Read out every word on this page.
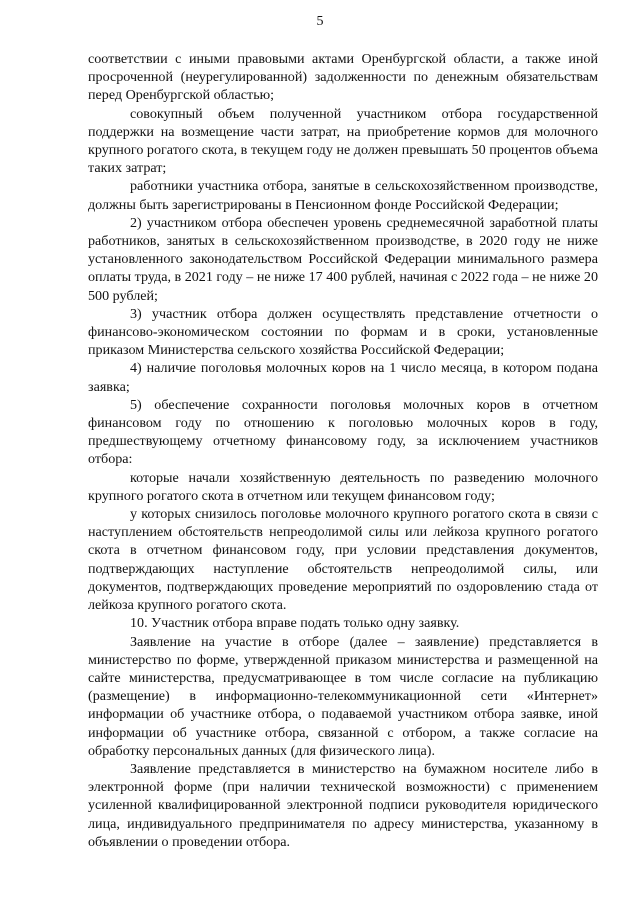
5

соответствии с иными правовыми актами Оренбургской области, а также иной просроченной (неурегулированной) задолженности по денежным обязательствам перед Оренбургской областью;

совокупный объем полученной участником отбора государственной поддержки на возмещение части затрат, на приобретение кормов для молочного крупного рогатого скота, в текущем году не должен превышать 50 процентов объема таких затрат;

работники участника отбора, занятые в сельскохозяйственном производстве, должны быть зарегистрированы в Пенсионном фонде Российской Федерации;

2) участником отбора обеспечен уровень среднемесячной заработной платы работников, занятых в сельскохозяйственном производстве, в 2020 году не ниже установленного законодательством Российской Федерации минимального размера оплаты труда, в 2021 году – не ниже 17 400 рублей, начиная с 2022 года – не ниже 20 500 рублей;

3) участник отбора должен осуществлять представление отчетности о финансово-экономическом состоянии по формам и в сроки, установленные приказом Министерства сельского хозяйства Российской Федерации;

4) наличие поголовья молочных коров на 1 число месяца, в котором подана заявка;

5) обеспечение сохранности поголовья молочных коров в отчетном финансовом году по отношению к поголовью молочных коров в году, предшествующему отчетному финансовому году, за исключением участников отбора:

которые начали хозяйственную деятельность по разведению молочного крупного рогатого скота в отчетном или текущем финансовом году;

у которых снизилось поголовье молочного крупного рогатого скота в связи с наступлением обстоятельств непреодолимой силы или лейкоза крупного рогатого скота в отчетном финансовом году, при условии представления документов, подтверждающих наступление обстоятельств непреодолимой силы, или документов, подтверждающих проведение мероприятий по оздоровлению стада от лейкоза крупного рогатого скота.

10. Участник отбора вправе подать только одну заявку.

Заявление на участие в отборе (далее – заявление) представляется в министерство по форме, утвержденной приказом министерства и размещенной на сайте министерства, предусматривающее в том числе согласие на публикацию (размещение) в информационно-телекоммуникационной сети «Интернет» информации об участнике отбора, о подаваемой участником отбора заявке, иной информации об участнике отбора, связанной с отбором, а также согласие на обработку персональных данных (для физического лица).

Заявление представляется в министерство на бумажном носителе либо в электронной форме (при наличии технической возможности) с применением усиленной квалифицированной электронной подписи руководителя юридического лица, индивидуального предпринимателя по адресу министерства, указанному в объявлении о проведении отбора.
